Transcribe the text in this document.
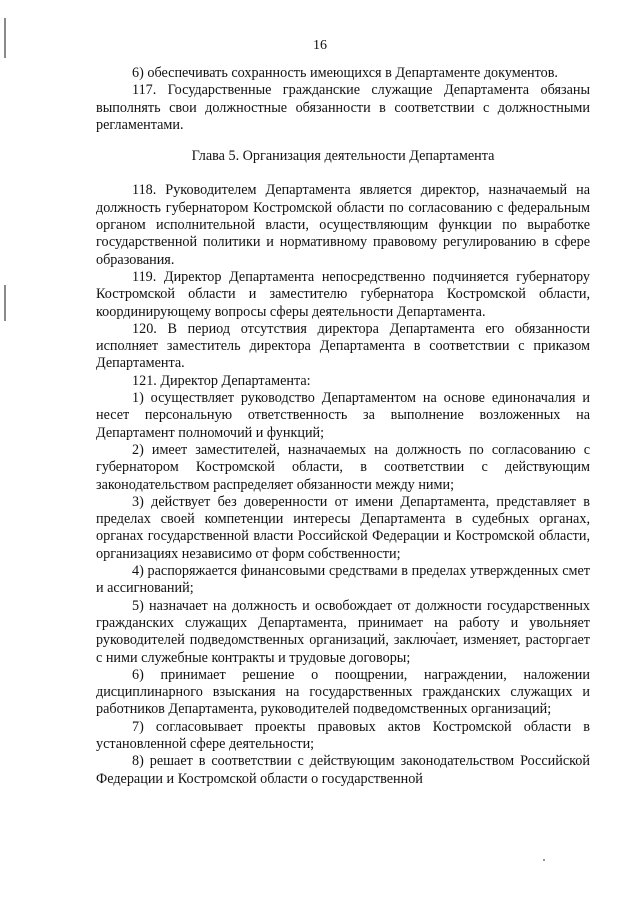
16

6) обеспечивать сохранность имеющихся в Департаменте документов.

117. Государственные гражданские служащие Департамента обязаны выполнять свои должностные обязанности в соответствии с должностными регламентами.

Глава 5. Организация деятельности Департамента

118. Руководителем Департамента является директор, назначаемый на должность губернатором Костромской области по согласованию с федеральным органом исполнительной власти, осуществляющим функции по выработке государственной политики и нормативному правовому регулированию в сфере образования.

119. Директор Департамента непосредственно подчиняется губернатору Костромской области и заместителю губернатора Костромской области, координирующему вопросы сферы деятельности Департамента.

120. В период отсутствия директора Департамента его обязанности исполняет заместитель директора Департамента в соответствии с приказом Департамента.

121. Директор Департамента:

1) осуществляет руководство Департаментом на основе единоначалия и несет персональную ответственность за выполнение возложенных на Департамент полномочий и функций;

2) имеет заместителей, назначаемых на должность по согласованию с губернатором Костромской области, в соответствии с действующим законодательством распределяет обязанности между ними;

3) действует без доверенности от имени Департамента, представляет в пределах своей компетенции интересы Департамента в судебных органах, органах государственной власти Российской Федерации и Костромской области, организациях независимо от форм собственности;

4) распоряжается финансовыми средствами в пределах утвержденных смет и ассигнований;

5) назначает на должность и освобождает от должности государственных гражданских служащих Департамента, принимает на работу и увольняет руководителей подведомственных организаций, заключает, изменяет, расторгает с ними служебные контракты и трудовые договоры;

6) принимает решение о поощрении, награждении, наложении дисциплинарного взыскания на государственных гражданских служащих и работников Департамента, руководителей подведомственных организаций;

7) согласовывает проекты правовых актов Костромской области в установленной сфере деятельности;

8) решает в соответствии с действующим законодательством Российской Федерации и Костромской области о государственной
